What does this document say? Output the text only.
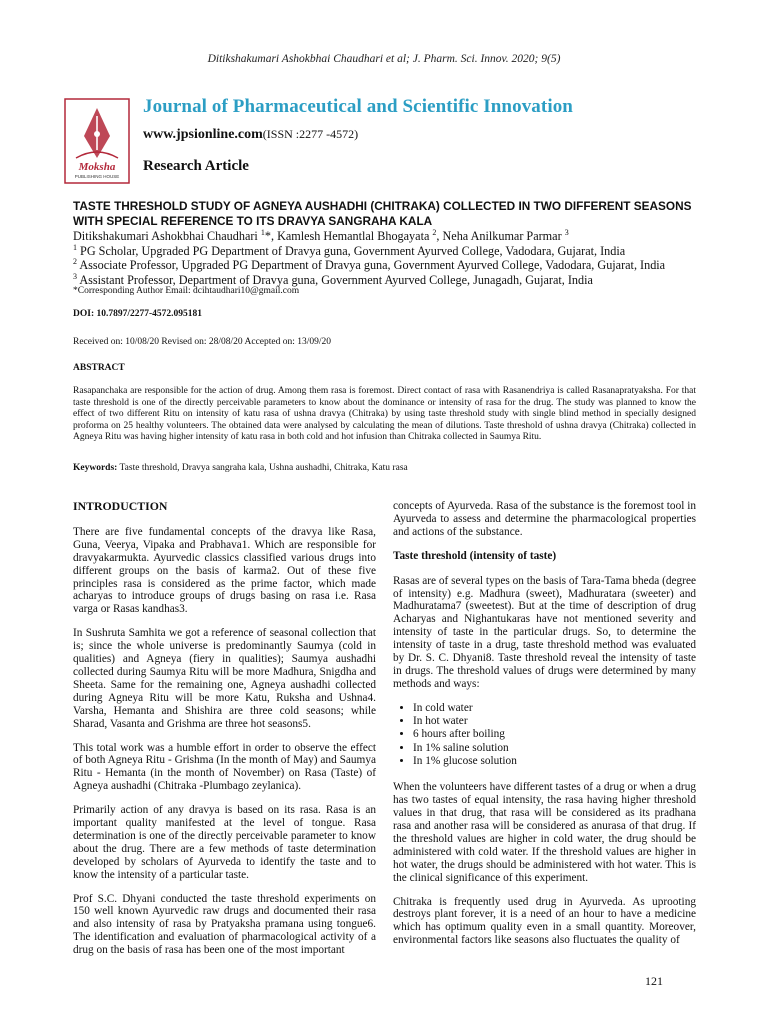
Ditikshakumari Ashokbhai Chaudhari et al; J. Pharm. Sci. Innov. 2020; 9(5)
Moksha
PUBLISHING HOUSE
Journal of Pharmaceutical and Scientific Innovation
www.jpsionline.com(ISSN :2277 -4572)
Research Article
TASTE THRESHOLD STUDY OF AGNEYA AUSHADHI (CHITRAKA) COLLECTED IN TWO DIFFERENT SEASONS WITH SPECIAL REFERENCE TO ITS DRAVYA SANGRAHA KALA
Ditikshakumari Ashokbhai Chaudhari $^1$*, Kamlesh Hemantlal Bhogayata $^2$, Neha Anilkumar Parmar $^3$
$^1$ PG Scholar, Upgraded PG Department of Dravya guna, Government Ayurved College, Vadodara, Gujarat, India
$^2$ Associate Professor, Upgraded PG Department of Dravya guna, Government Ayurved College, Vadodara, Gujarat, India
$^3$ Assistant Professor, Department of Dravya guna, Government Ayurved College, Junagadh, Gujarat, India
*Corresponding Author Email: dcihtaudhari10@gmail.com
DOI: 10.7897/2277-4572.095181
Received on: 10/08/20 Revised on: 28/08/20 Accepted on: 13/09/20
ABSTRACT
Rasapanchaka are responsible for the action of drug. Among them rasa is foremost. Direct contact of rasa with Rasanendriya is called Rasanapratyaksha. For that taste threshold is one of the directly perceivable parameters to know about the dominance or intensity of rasa for the drug. The study was planned to know the effect of two different Ritu on intensity of katu rasa of ushna dravya (Chitraka) by using taste threshold study with single blind method in specially designed proforma on 25 healthy volunteers. The obtained data were analysed by calculating the mean of dilutions. Taste threshold of ushna dravya (Chitraka) collected in Agneya Ritu was having higher intensity of katu rasa in both cold and hot infusion than Chitraka collected in Saumya Ritu.
Keywords: Taste threshold, Dravya sangraha kala, Ushna aushadhi, Chitraka, Katu rasa
INTRODUCTION

There are five fundamental concepts of the dravya like Rasa, Guna, Veerya, Vipaka and Prabhava1. Which are responsible for dravyakarmukta. Ayurvedic classics classified various drugs into different groups on the basis of karma2. Out of these five principles rasa is considered as the prime factor, which made acharyas to introduce groups of drugs basing on rasa i.e. Rasa varga or Rasas kandhas3.

In Sushruta Samhita we got a reference of seasonal collection that is; since the whole universe is predominantly Saumya (cold in qualities) and Agneya (fiery in qualities); Saumya aushadhi collected during Saumya Ritu will be more Madhura, Snigdha and Sheeta. Same for the remaining one, Agneya aushadhi collected during Agneya Ritu will be more Katu, Ruksha and Ushna4. Varsha, Hemanta and Shishira are three cold seasons; while Sharad, Vasanta and Grishma are three hot seasons5.

This total work was a humble effort in order to observe the effect of both Agneya Ritu - Grishma (In the month of May) and Saumya Ritu - Hemanta (in the month of November) on Rasa (Taste) of Agneya aushadhi (Chitraka -Plumbago zeylanica).

Primarily action of any dravya is based on its rasa. Rasa is an important quality manifested at the level of tongue. Rasa determination is one of the directly perceivable parameter to know about the drug. There are a few methods of taste determination developed by scholars of Ayurveda to identify the taste and to know the intensity of a particular taste.

Prof S.C. Dhyani conducted the taste threshold experiments on 150 well known Ayurvedic raw drugs and documented their rasa and also intensity of rasa by Pratyaksha pramana using tongue6. The identification and evaluation of pharmacological activity of a drug on the basis of rasa has been one of the most important

concepts of Ayurveda. Rasa of the substance is the foremost tool in Ayurveda to assess and determine the pharmacological properties and actions of the substance.

Taste threshold (intensity of taste)

Rasas are of several types on the basis of Tara-Tama bheda (degree of intensity) e.g. Madhura (sweet), Madhuratara (sweeter) and Madhuratama7 (sweetest). But at the time of description of drug Acharyas and Nighantukaras have not mentioned severity and intensity of taste in the particular drugs. So, to determine the intensity of taste in a drug, taste threshold method was evaluated by Dr. S. C. Dhyani8. Taste threshold reveal the intensity of taste in drugs. The threshold values of drugs were determined by many methods and ways:

• In cold water
• In hot water
• 6 hours after boiling
• In 1% saline solution
• In 1% glucose solution

When the volunteers have different tastes of a drug or when a drug has two tastes of equal intensity, the rasa having higher threshold values in that drug, that rasa will be considered as its pradhana rasa and another rasa will be considered as anurasa of that drug. If the threshold values are higher in cold water, the drug should be administered with cold water. If the threshold values are higher in hot water, the drugs should be administered with hot water. This is the clinical significance of this experiment.

Chitraka is frequently used drug in Ayurveda. As uprooting destroys plant forever, it is a need of an hour to have a medicine which has optimum quality even in a small quantity. Moreover, environmental factors like seasons also fluctuates the quality of

121
